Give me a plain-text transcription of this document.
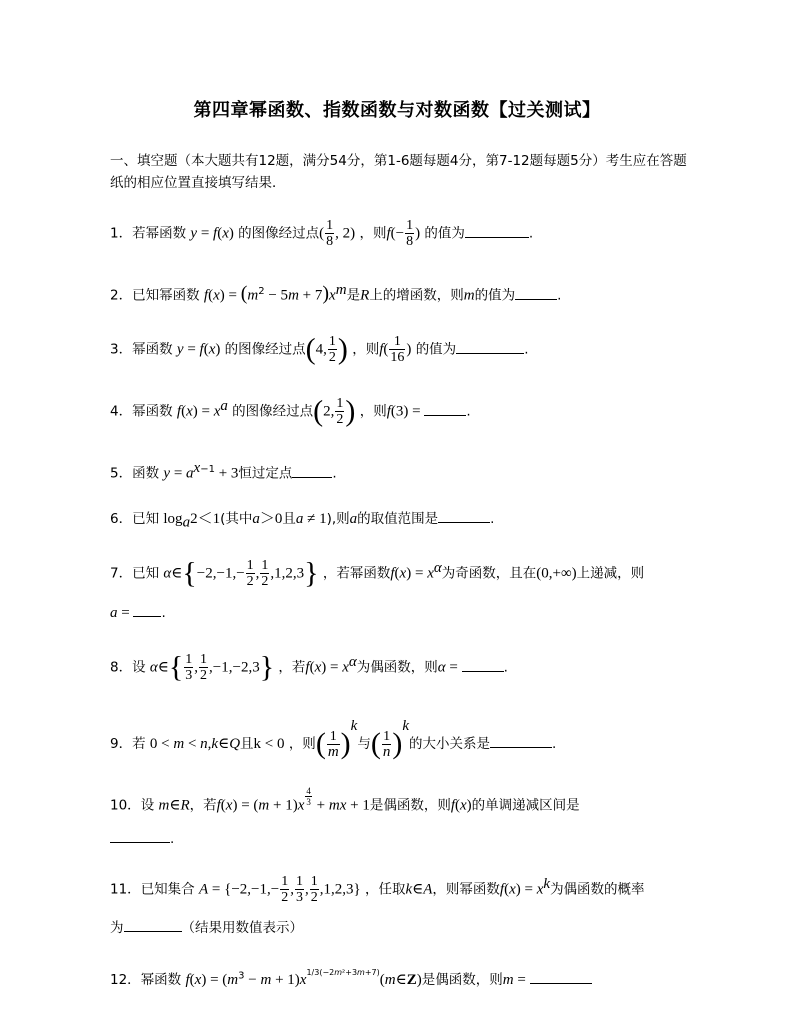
第四章幂函数、指数函数与对数函数【过关测试】
一、填空题（本大题共有12题，满分54分，第1-6题每题4分，第7-12题每题5分）考生应在答题纸的相应位置直接填写结果．
1．若幂函数 y = f(x) 的图像经过点( $\frac{1}{8}$ , 2) ，则$f(- \frac{1}{8}$ ) 的值为	.
2．已知幂函数 $f(x) = (m^2 - 5m + 7)x^m$是R上的增函数，则m的值为	.
3．幂函数 y = f(x) 的图像经过点(4, $\frac{1}{2}$ ) ，则$f( \frac{1}{16}$ ) 的值为	.
4．幂函数 $f(x) = x^a$ 的图像经过点(2, $\frac{1}{2}$ ) ，则f(3) =	.
5．函数 $y = a^{x-1} + 3$恒过定点	.
6．已知 $\log_a2<1$(其中a＞0且a ≠ 1),则a的取值范围是	.
7．已知 α∈{−2,−1,− $\frac{1}{2}$ , $\frac{1}{2} ,1,2,3$} ，若幂函数$f(x) = x^\alpha$为奇函数，且在(0,+∞)上递减，则
a = .
8．设 α∈{ $\frac{1}{3}$ , $\frac{1}{2} ,-1,-2,3$} ，若$f(x) = x^\alpha$为偶函数，则α =	.
9．若 0 < m < n,k∈Q且k < 0 ，则( $\frac{1}{m} )^k$与( $\frac{1}{n} )^k$的大小关系是	.
10．设 m∈R，若f(x) = (m + 1)x $^{\frac{4}{3}}$ + mx + 1是偶函数，则f(x)的单调递减区间是
.
11．已知集合 $A = \{-2,-1,- \frac{1}{2}$ , $\frac{1}{3}$ , $\frac{1}{2} ,1,2,3$} ，任取k∈A，则幂函数$f(x) = x^k$为偶函数的概率
为	（结果用数值表示）
12．幂函数 $f(x) = (m^3 - m$ + $1)x^{1/3(-2m^2+3m+7)}(m\in Z)$是偶函数，则m =
